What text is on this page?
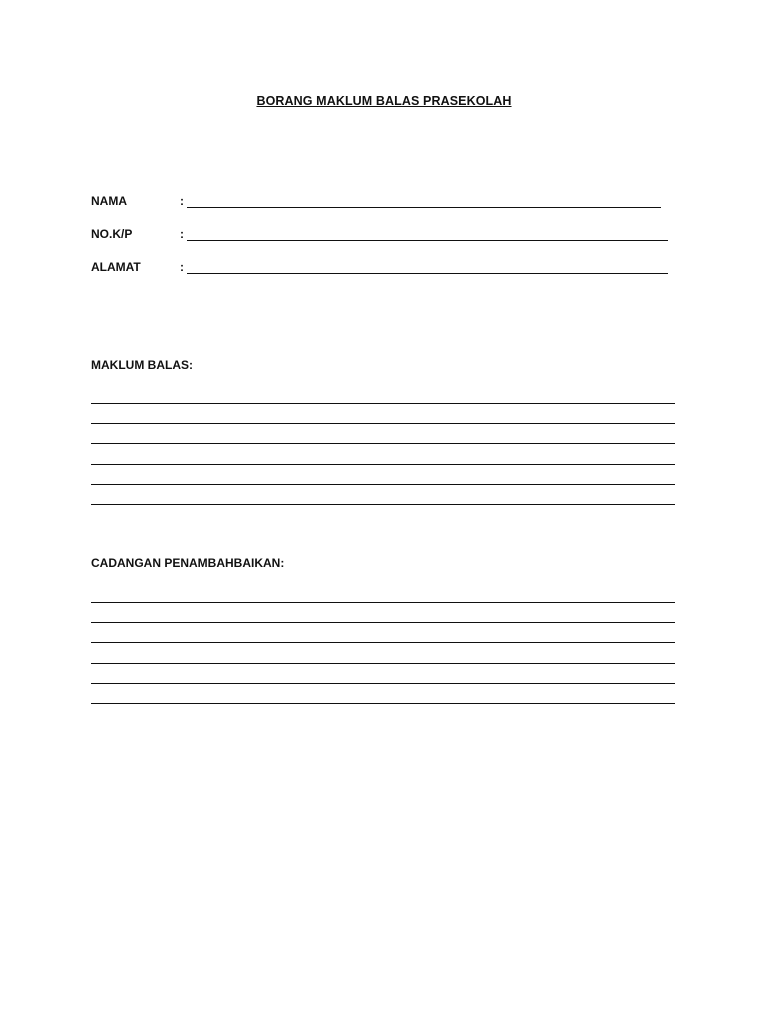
BORANG MAKLUM BALAS PRASEKOLAH
NAMA	:
NO.K/P	:
ALAMAT	:
MAKLUM BALAS:
CADANGAN PENAMBAHBAIKAN:
